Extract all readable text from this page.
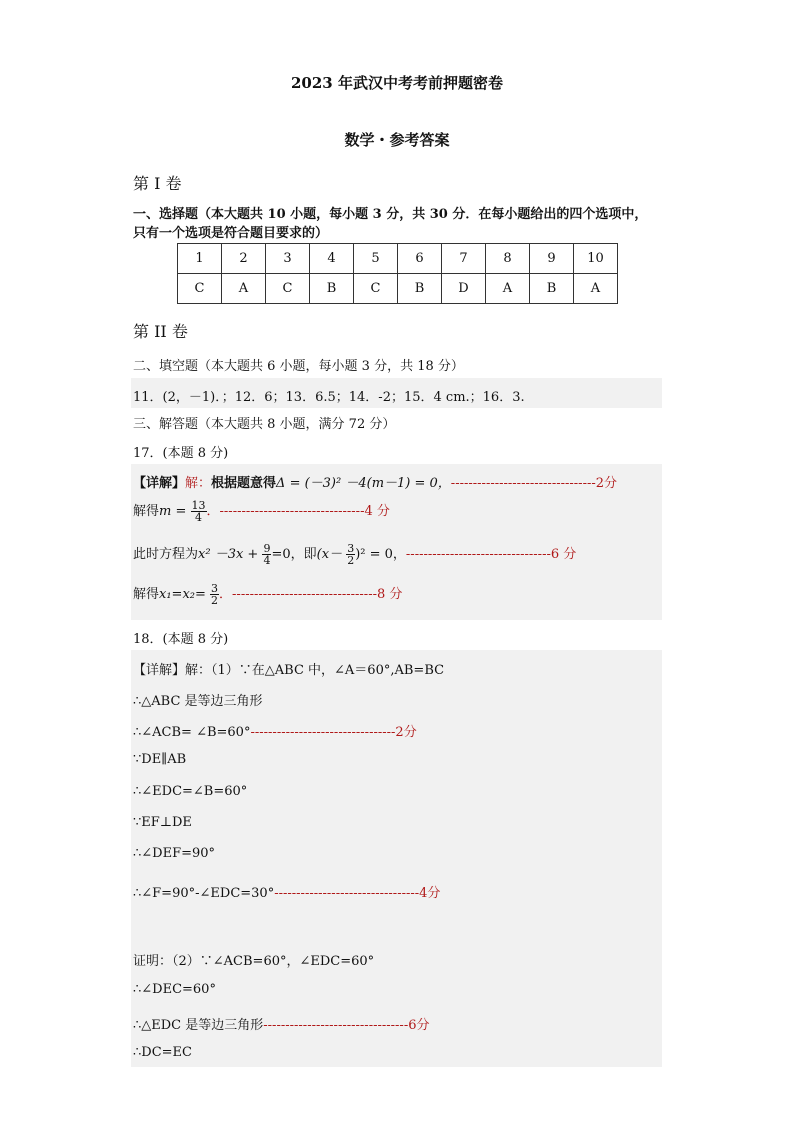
2023 年武汉中考考前押题密卷
数学・参考答案
第 I 卷
一、选择题（本大题共 10 小题，每小题 3 分，共 30 分．在每小题给出的四个选项中，
只有一个选项是符合题目要求的）
1	2	3	4	5	6	7	8	9	10
C	A	C	B	C	B	D	A	B	A
第 II 卷
二、填空题（本大题共 6 小题，每小题 3 分，共 18 分）
11．(2，－1)．；12．6；13．6.5；14．-2；15．4 cm.；16．3.
三、解答题（本大题共 8 小题，满分 72 分）
17．(本题 8 分)
【详解】解：根据题意得Δ = (－3)² －4(m－1) = 0，---------------------------------2分
解得$m = \frac{13}{4}$ ．---------------------------------4 分
此时方程为$x^2 -3x + \frac{9}{4} =0$，即$(x- \frac{3}{2} )^2 = 0$，---------------------------------6 分
解得$x_1=x_2= \frac{3}{2}$ ．---------------------------------8 分
18．(本题 8 分)
【详解】解：（1）∵在△ABC 中，∠A＝60°,AB=BC
∴△ABC 是等边三角形
∴∠ACB= ∠B=60°---------------------------------2分
∵DE∥AB
∴∠EDC=∠B=60°
∵EF⊥DE
∴∠DEF=90°
∴∠F=90°-∠EDC=30°---------------------------------4分
证明：（2）∵∠ACB=60°，∠EDC=60°
∴∠DEC=60°
∴△EDC 是等边三角形---------------------------------6分
∴DC=EC
